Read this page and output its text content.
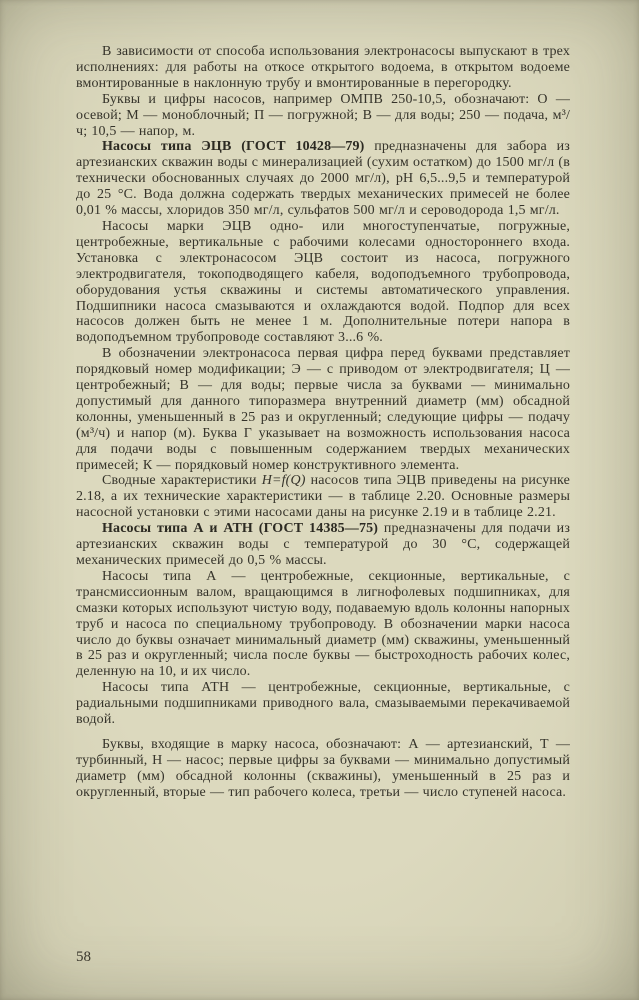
В зависимости от способа использования электронасосы выпускают в трех исполнениях: для работы на откосе открытого водоема, в открытом водоеме вмонтированные в наклонную трубу и вмонтированные в перегородку.

Буквы и цифры насосов, например ОМПВ 250-10,5, обозначают: О — осевой; М — моноблочный; П — погружной; В — для воды; 250 — подача, м³/ч; 10,5 — напор, м.

Насосы типа ЭЦВ (ГОСТ 10428—79) предназначены для забора из артезианских скважин воды с минерализацией (сухим остатком) до 1500 мг/л (в технически обоснованных случаях до 2000 мг/л), pH 6,5...9,5 и температурой до 25 °С. Вода должна содержать твердых механических примесей не более 0,01 % массы, хлоридов 350 мг/л, сульфатов 500 мг/л и сероводорода 1,5 мг/л.

Насосы марки ЭЦВ одно- или многоступенчатые, погружные, центробежные, вертикальные с рабочими колесами одностороннего входа. Установка с электронасосом ЭЦВ состоит из насоса, погружного электродвигателя, токоподводящего кабеля, водоподъемного трубопровода, оборудования устья скважины и системы автоматического управления. Подшипники насоса смазываются и охлаждаются водой. Подпор для всех насосов должен быть не менее 1 м. Дополнительные потери напора в водоподъемном трубопроводе составляют 3...6 %.

В обозначении электронасоса первая цифра перед буквами представляет порядковый номер модификации; Э — с приводом от электродвигателя; Ц — центробежный; В — для воды; первые числа за буквами — минимально допустимый для данного типоразмера внутренний диаметр (мм) обсадной колонны, уменьшенный в 25 раз и округленный; следующие цифры — подачу (м³/ч) и напор (м). Буква Г указывает на возможность использования насоса для подачи воды с повышенным содержанием твердых механических примесей; К — порядковый номер конструктивного элемента.

Сводные характеристики H=f(Q) насосов типа ЭЦВ приведены на рисунке 2.18, а их технические характеристики — в таблице 2.20. Основные размеры насосной установки с этими насосами даны на рисунке 2.19 и в таблице 2.21.

Насосы типа А и АТН (ГОСТ 14385—75) предназначены для подачи из артезианских скважин воды с температурой до 30 °С, содержащей механических примесей до 0,5 % массы.

Насосы типа А — центробежные, секционные, вертикальные, с трансмиссионным валом, вращающимся в лигнофолевых подшипниках, для смазки которых используют чистую воду, подаваемую вдоль колонны напорных труб и насоса по специальному трубопроводу. В обозначении марки насоса число до буквы означает минимальный диаметр (мм) скважины, уменьшенный в 25 раз и округленный; числа после буквы — быстроходность рабочих колес, деленную на 10, и их число.

Насосы типа АТН — центробежные, секционные, вертикальные, с радиальными подшипниками приводного вала, смазываемыми перекачиваемой водой.

Буквы, входящие в марку насоса, обозначают: А — артезианский, Т — турбинный, Н — насос; первые цифры за буквами — минимально допустимый диаметр (мм) обсадной колонны (скважины), уменьшенный в 25 раз и округленный, вторые — тип рабочего колеса, третьи — число ступеней насоса.

58
